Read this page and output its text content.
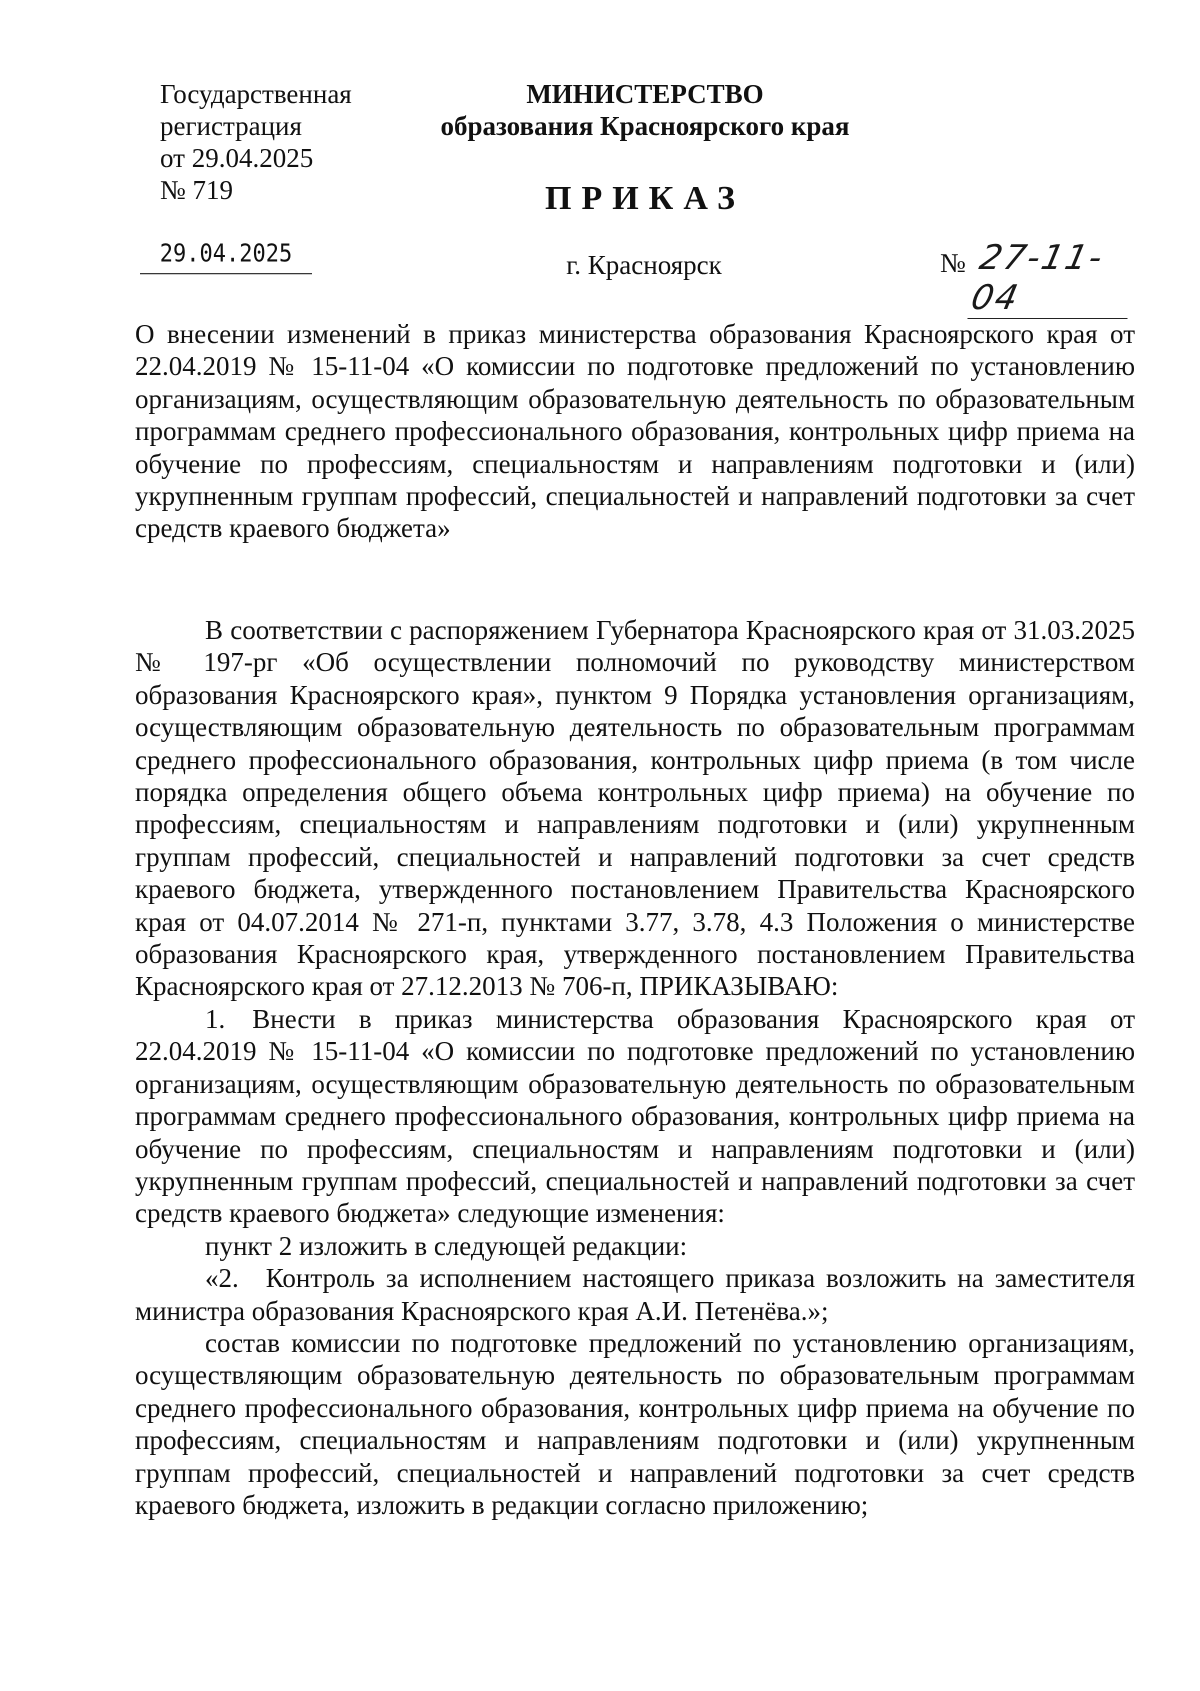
Государственная
регистрация
от 29.04.2025
№ 719
МИНИСТЕРСТВО
образования Красноярского края
ПРИКАЗ
29.04.2025	г. Красноярск	№ 27-11-04

О внесении изменений в приказ министерства образования Красноярского края от 22.04.2019 № 15-11-04 «О комиссии по подготовке предложений по установлению организациям, осуществляющим образовательную деятельность по образовательным программам среднего профессионального образования, контрольных цифр приема на обучение по профессиям, специальностям и направлениям подготовки и (или) укрупненным группам профессий, специальностей и направлений подготовки за счет средств краевого бюджета»

В соответствии с распоряжением Губернатора Красноярского края от 31.03.2025 № 197-рг «Об осуществлении полномочий по руководству министерством образования Красноярского края», пунктом 9 Порядка установления организациям, осуществляющим образовательную деятельность по образовательным программам среднего профессионального образования, контрольных цифр приема (в том числе порядка определения общего объема контрольных цифр приема) на обучение по профессиям, специальностям и направлениям подготовки и (или) укрупненным группам профессий, специальностей и направлений подготовки за счет средств краевого бюджета, утвержденного постановлением Правительства Красноярского края от 04.07.2014 № 271-п, пунктами 3.77, 3.78, 4.3 Положения о министерстве образования Красноярского края, утвержденного постановлением Правительства Красноярского края от 27.12.2013 № 706-п, ПРИКАЗЫВАЮ:

1. Внести в приказ министерства образования Красноярского края от 22.04.2019 № 15-11-04 «О комиссии по подготовке предложений по установлению организациям, осуществляющим образовательную деятельность по образовательным программам среднего профессионального образования, контрольных цифр приема на обучение по профессиям, специальностям и направлениям подготовки и (или) укрупненным группам профессий, специальностей и направлений подготовки за счет средств краевого бюджета» следующие изменения:

пункт 2 изложить в следующей редакции:

«2. Контроль за исполнением настоящего приказа возложить на заместителя министра образования Красноярского края А.И. Петенёва.»;

состав комиссии по подготовке предложений по установлению организациям, осуществляющим образовательную деятельность по образовательным программам среднего профессионального образования, контрольных цифр приема на обучение по профессиям, специальностям и направлениям подготовки и (или) укрупненным группам профессий, специальностей и направлений подготовки за счет средств краевого бюджета, изложить в редакции согласно приложению;
